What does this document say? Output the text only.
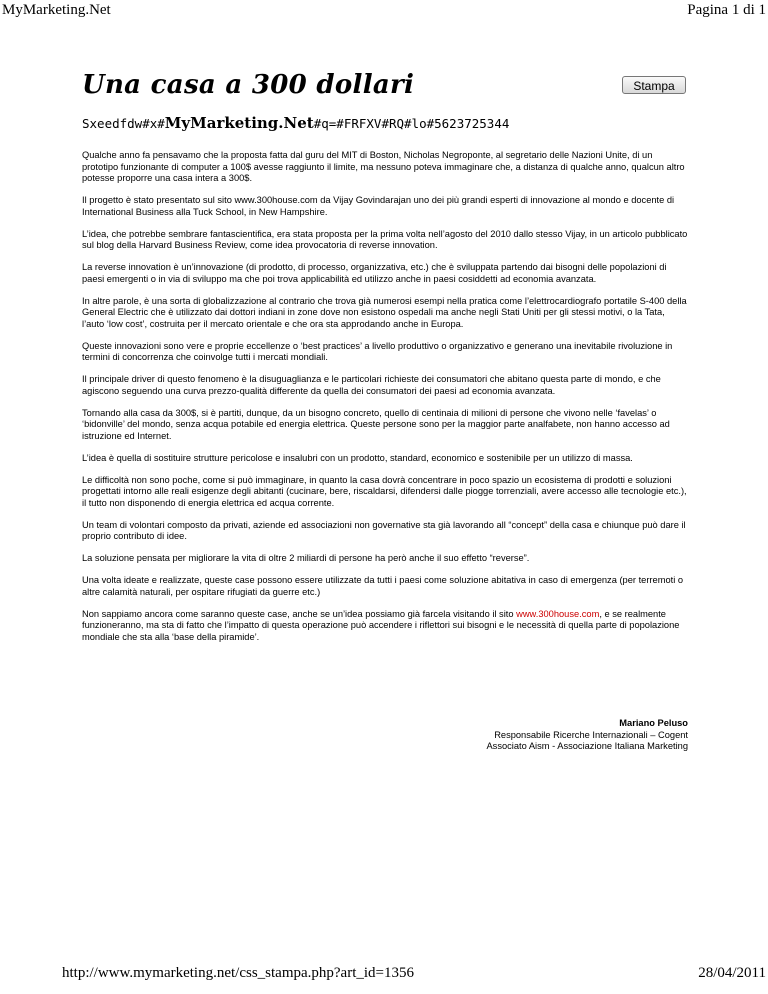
MyMarketing.Net	Pagina 1 di 1
Una casa a 300 dollari	Stampa
Sxeedfdw#x#MyMarketing.Net#q=#FRFXV#RQ#lo#5623725344

Qualche anno fa pensavamo che la proposta fatta dal guru del MIT di Boston, Nicholas Negroponte, al segretario delle Nazioni Unite, di un prototipo funzionante di computer a 100$ avesse raggiunto il limite, ma nessuno poteva immaginare che, a distanza di qualche anno, qualcun altro potesse proporre una casa intera a 300$.

Il progetto è stato presentato sul sito www.300house.com da Vijay Govindarajan uno dei più grandi esperti di innovazione al mondo e docente di International Business alla Tuck School, in New Hampshire.

L’idea, che potrebbe sembrare fantascientifica, era stata proposta per la prima volta nell’agosto del 2010 dallo stesso Vijay, in un articolo pubblicato sul blog della Harvard Business Review, come idea provocatoria di reverse innovation.

La reverse innovation è un’innovazione (di prodotto, di processo, organizzativa, etc.) che è sviluppata partendo dai bisogni delle popolazioni di paesi emergenti o in via di sviluppo ma che poi trova applicabilità ed utilizzo anche in paesi cosiddetti ad economia avanzata.

In altre parole, è una sorta di globalizzazione al contrario che trova già numerosi esempi nella pratica come l’elettrocardiografo portatile S-400 della General Electric che è utilizzato dai dottori indiani in zone dove non esistono ospedali ma anche negli Stati Uniti per gli stessi motivi, o la Tata, l’auto ‘low cost’, costruita per il mercato orientale e che ora sta approdando anche in Europa.

Queste innovazioni sono vere e proprie eccellenze o ‘best practices’ a livello produttivo o organizzativo e generano una inevitabile rivoluzione in termini di concorrenza che coinvolge tutti i mercati mondiali.

Il principale driver di questo fenomeno è la disuguaglianza e le particolari richieste dei consumatori che abitano questa parte di mondo, e che agiscono seguendo una curva prezzo-qualità differente da quella dei consumatori dei paesi ad economia avanzata.

Tornando alla casa da 300$, si è partiti, dunque, da un bisogno concreto, quello di centinaia di milioni di persone che vivono nelle ‘favelas’ o ‘bidonville’ del mondo, senza acqua potabile ed energia elettrica. Queste persone sono per la maggior parte analfabete, non hanno accesso ad istruzione ed Internet.

L’idea è quella di sostituire strutture pericolose e insalubri con un prodotto, standard, economico e sostenibile per un utilizzo di massa.

Le difficoltà non sono poche, come si può immaginare, in quanto la casa dovrà concentrare in poco spazio un ecosistema di prodotti e soluzioni progettati intorno alle reali esigenze degli abitanti (cucinare, bere, riscaldarsi, difendersi dalle piogge torrenziali, avere accesso alle tecnologie etc.), il tutto non disponendo di energia elettrica ed acqua corrente.

Un team di volontari composto da privati, aziende ed associazioni non governative sta già lavorando all “concept” della casa e chiunque può dare il proprio contributo di idee.

La soluzione pensata per migliorare la vita di oltre 2 miliardi di persone ha però anche il suo effetto “reverse”.

Una volta ideate e realizzate, queste case possono essere utilizzate da tutti i paesi come soluzione abitativa in caso di emergenza (per terremoti o altre calamità naturali, per ospitare rifugiati da guerre etc.)

Non sappiamo ancora come saranno queste case, anche se un’idea possiamo già farcela visitando il sito www.300house.com, e se realmente funzioneranno, ma sta di fatto che l’impatto di questa operazione può accendere i riflettori sui bisogni e le necessità di quella parte di popolazione mondiale che sta alla ‘base della piramide’.

Mariano Peluso
Responsabile Ricerche Internazionali – Cogent
Associato Aism - Associazione Italiana Marketing
http://www.mymarketing.net/css_stampa.php?art_id=1356	28/04/2011
